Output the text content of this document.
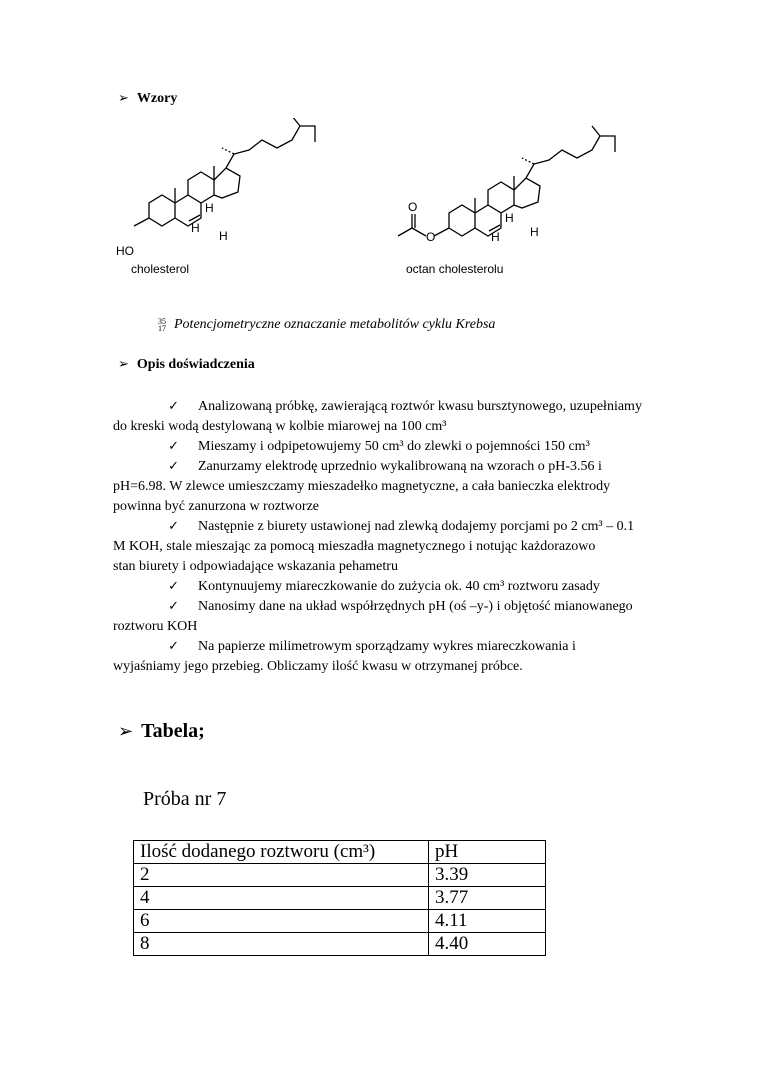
➢ Wzory
HO
H
H
H
cholesterol
O
O
H
H	H
octan cholesterolu
35
17 Potencjometryczne oznaczanie metabolitów cyklu Krebsa
➢ Opis doświadczenia
✓ Analizowaną próbkę, zawierającą roztwór kwasu bursztynowego, uzupełniamy
do kreski wodą destylowaną w kolbie miarowej na 100 cm³
✓ Mieszamy i odpipetowujemy 50 cm³ do zlewki o pojemności 150 cm³
✓ Zanurzamy elektrodę uprzednio wykalibrowaną na wzorach o pH-3.56 i
pH=6.98. W zlewce umieszczamy mieszadełko magnetyczne, a cała banieczka elektrody
powinna być zanurzona w roztworze
✓ Następnie z biurety ustawionej nad zlewką dodajemy porcjami po 2 cm³ – 0.1
M KOH, stale mieszając za pomocą mieszadła magnetycznego i notując każdorazowo
stan biurety i odpowiadające wskazania pehametru
✓ Kontynuujemy miareczkowanie do zużycia ok. 40 cm³ roztworu zasady
✓ Nanosimy dane na układ współrzędnych pH (oś –y-) i objętość mianowanego
roztworu KOH
✓ Na papierze milimetrowym sporządzamy wykres miareczkowania i
wyjaśniamy jego przebieg. Obliczamy ilość kwasu w otrzymanej próbce.
➢ Tabela;
Próba nr 7
Ilość dodanego roztworu (cm³)	pH
2	3.39
4	3.77
6	4.11
8	4.40
